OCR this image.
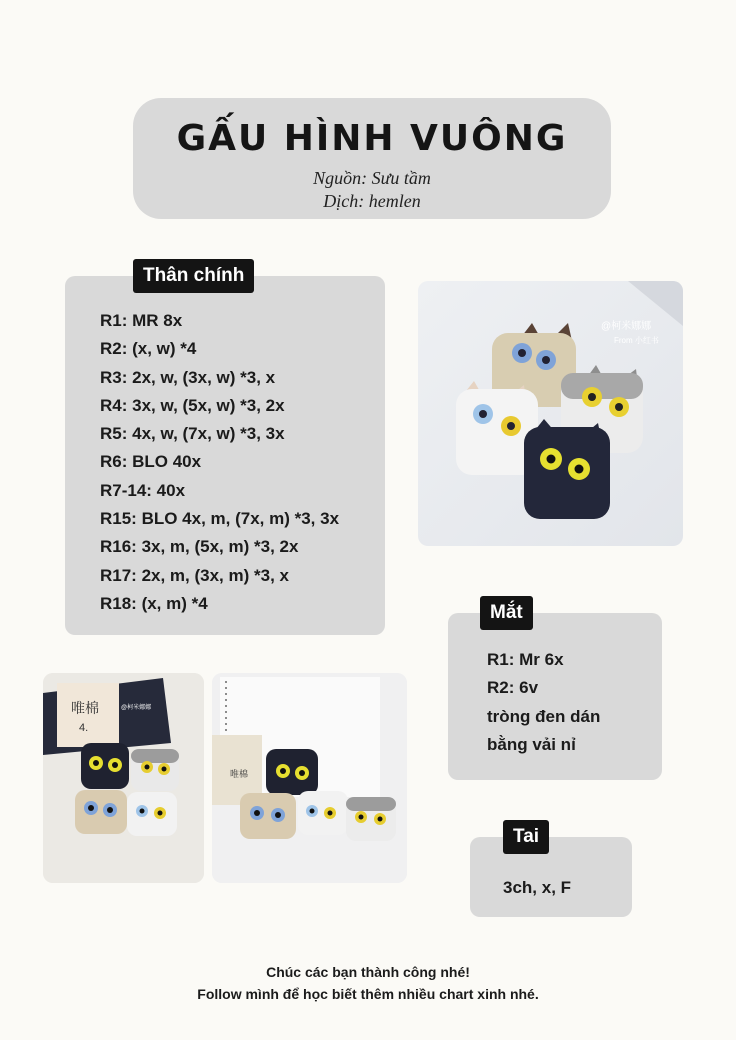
GẤU HÌNH VUÔNG
Nguồn: Sưu tầm
Dịch: hemlen
R1: MR 8x
R2: (x, w) *4
R3: 2x, w, (3x, w) *3, x
R4: 3x, w, (5x, w) *3, 2x
R5: 4x, w, (7x, w) *3, 3x
R6: BLO 40x
R7-14: 40x
R15: BLO 4x, m, (7x, m) *3, 3x
R16: 3x, m, (5x, m) *3, 2x
R17: 2x, m, (3x, m) *3, x
R18: (x, m) *4
Thân chính
@柯米娜娜
From 小红书
R1: Mr 6x
R2: 6v
tròng đen dán
bằng vải nỉ
Mắt
3ch, x, F
Tai
唯棉
4.
@柯米娜娜
唯棉
Chúc các bạn thành công nhé!
Follow mình để học biết thêm nhiều chart xinh nhé.
